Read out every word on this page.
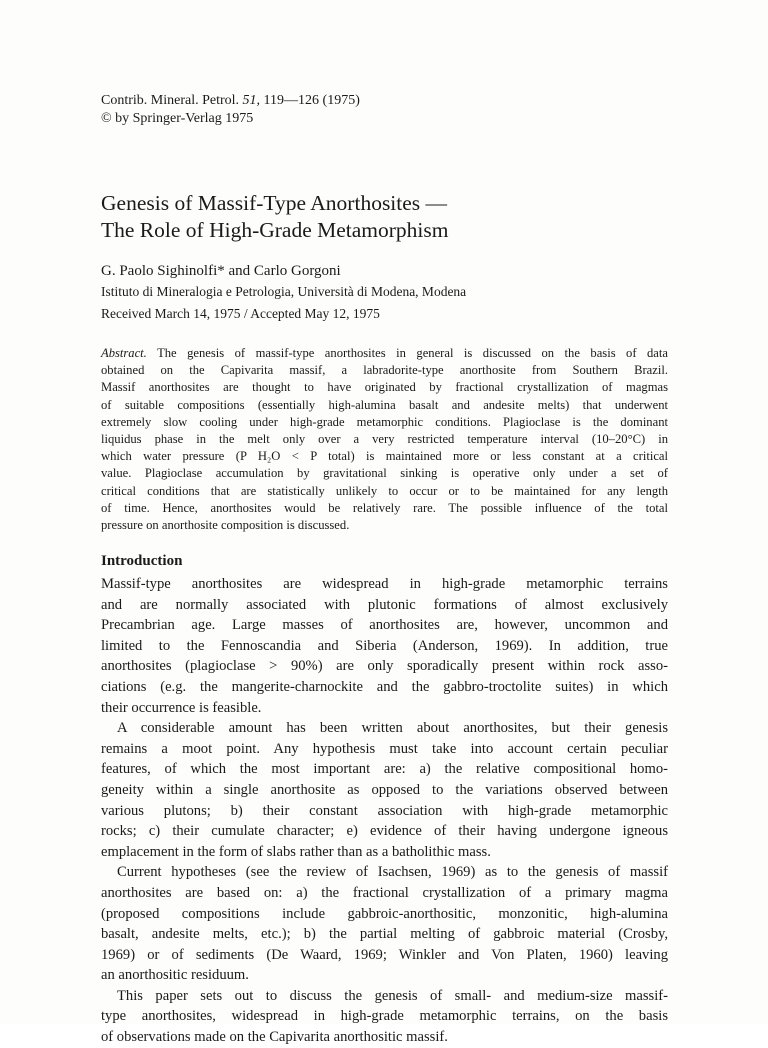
Contrib. Mineral. Petrol. 51, 119—126 (1975)
© by Springer-Verlag 1975
Genesis of Massif-Type Anorthosites —
The Role of High-Grade Metamorphism
G. Paolo Sighinolfi* and Carlo Gorgoni
Istituto di Mineralogia e Petrologia, Università di Modena, Modena
Received March 14, 1975 / Accepted May 12, 1975
Abstract. The genesis of massif-type anorthosites in general is discussed on the basis of data
obtained on the Capivarita massif, a labradorite-type anorthosite from Southern Brazil.
Massif anorthosites are thought to have originated by fractional crystallization of magmas
of suitable compositions (essentially high-alumina basalt and andesite melts) that underwent
extremely slow cooling under high-grade metamorphic conditions. Plagioclase is the dominant
liquidus phase in the melt only over a very restricted temperature interval (10–20°C) in
which water pressure (P H₂O < P total) is maintained more or less constant at a critical
value. Plagioclase accumulation by gravitational sinking is operative only under a set of
critical conditions that are statistically unlikely to occur or to be maintained for any length
of time. Hence, anorthosites would be relatively rare. The possible influence of the total
pressure on anorthosite composition is discussed.
Introduction
Massif-type anorthosites are widespread in high-grade metamorphic terrains
and are normally associated with plutonic formations of almost exclusively
Precambrian age. Large masses of anorthosites are, however, uncommon and
limited to the Fennoscandia and Siberia (Anderson, 1969). In addition, true
anorthosites (plagioclase > 90%) are only sporadically present within rock asso-
ciations (e.g. the mangerite-charnockite and the gabbro-troctolite suites) in which
their occurrence is feasible.
A considerable amount has been written about anorthosites, but their genesis
remains a moot point. Any hypothesis must take into account certain peculiar
features, of which the most important are: a) the relative compositional homo-
geneity within a single anorthosite as opposed to the variations observed between
various plutons; b) their constant association with high-grade metamorphic
rocks; c) their cumulate character; e) evidence of their having undergone igneous
emplacement in the form of slabs rather than as a batholithic mass.
Current hypotheses (see the review of Isachsen, 1969) as to the genesis of massif
anorthosites are based on: a) the fractional crystallization of a primary magma
(proposed compositions include gabbroic-anorthositic, monzonitic, high-alumina
basalt, andesite melts, etc.); b) the partial melting of gabbroic material (Crosby,
1969) or of sediments (De Waard, 1969; Winkler and Von Platen, 1960) leaving
an anorthositic residuum.
This paper sets out to discuss the genesis of small- and medium-size massif-
type anorthosites, widespread in high-grade metamorphic terrains, on the basis
of observations made on the Capivarita anorthositic massif.
